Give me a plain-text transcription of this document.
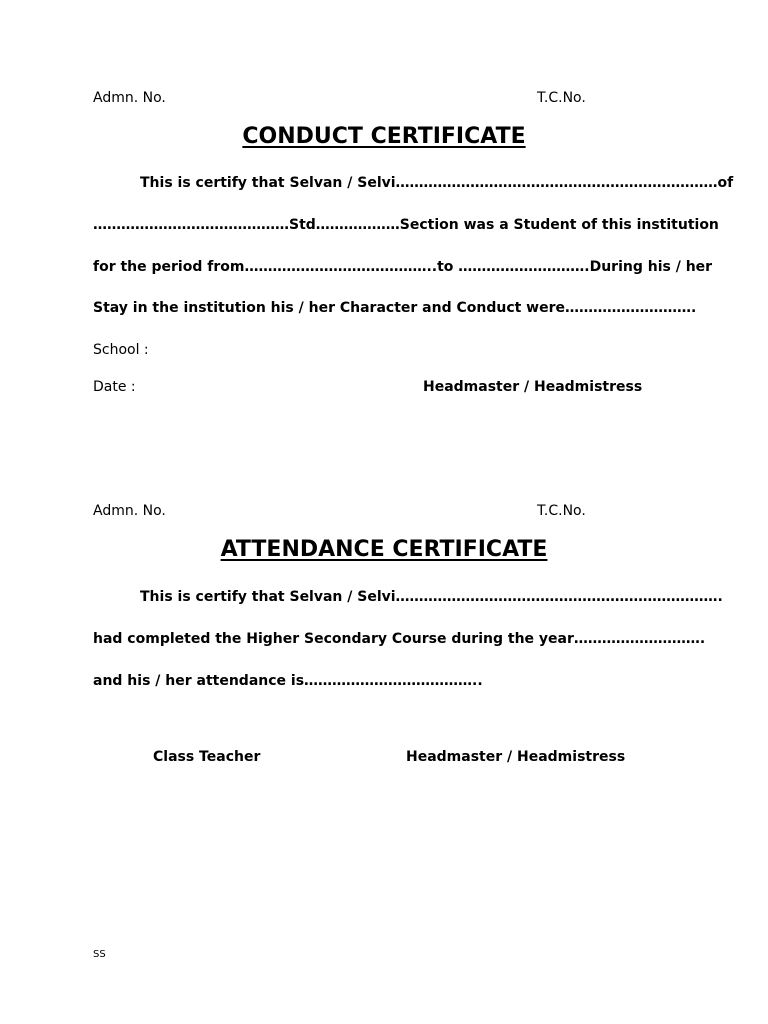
Admn. No.	T.C.No.
CONDUCT CERTIFICATE
This is certify that Selvan / Selvi……………………………………………………………of
……………………………………Std………………Section was a Student of this institution
for the period from…………………………………..to ……………………….During his / her
Stay in the institution his / her Character and Conduct were……………………….
School :
Date :	Headmaster / Headmistress
Admn. No.	T.C.No.
ATTENDANCE CERTIFICATE
This is certify that Selvan / Selvi…………………………………………………………….
had completed the Higher Secondary Course during the year……………………….
and his / her attendance is………………………………..
Class Teacher	Headmaster / Headmistress
SS
